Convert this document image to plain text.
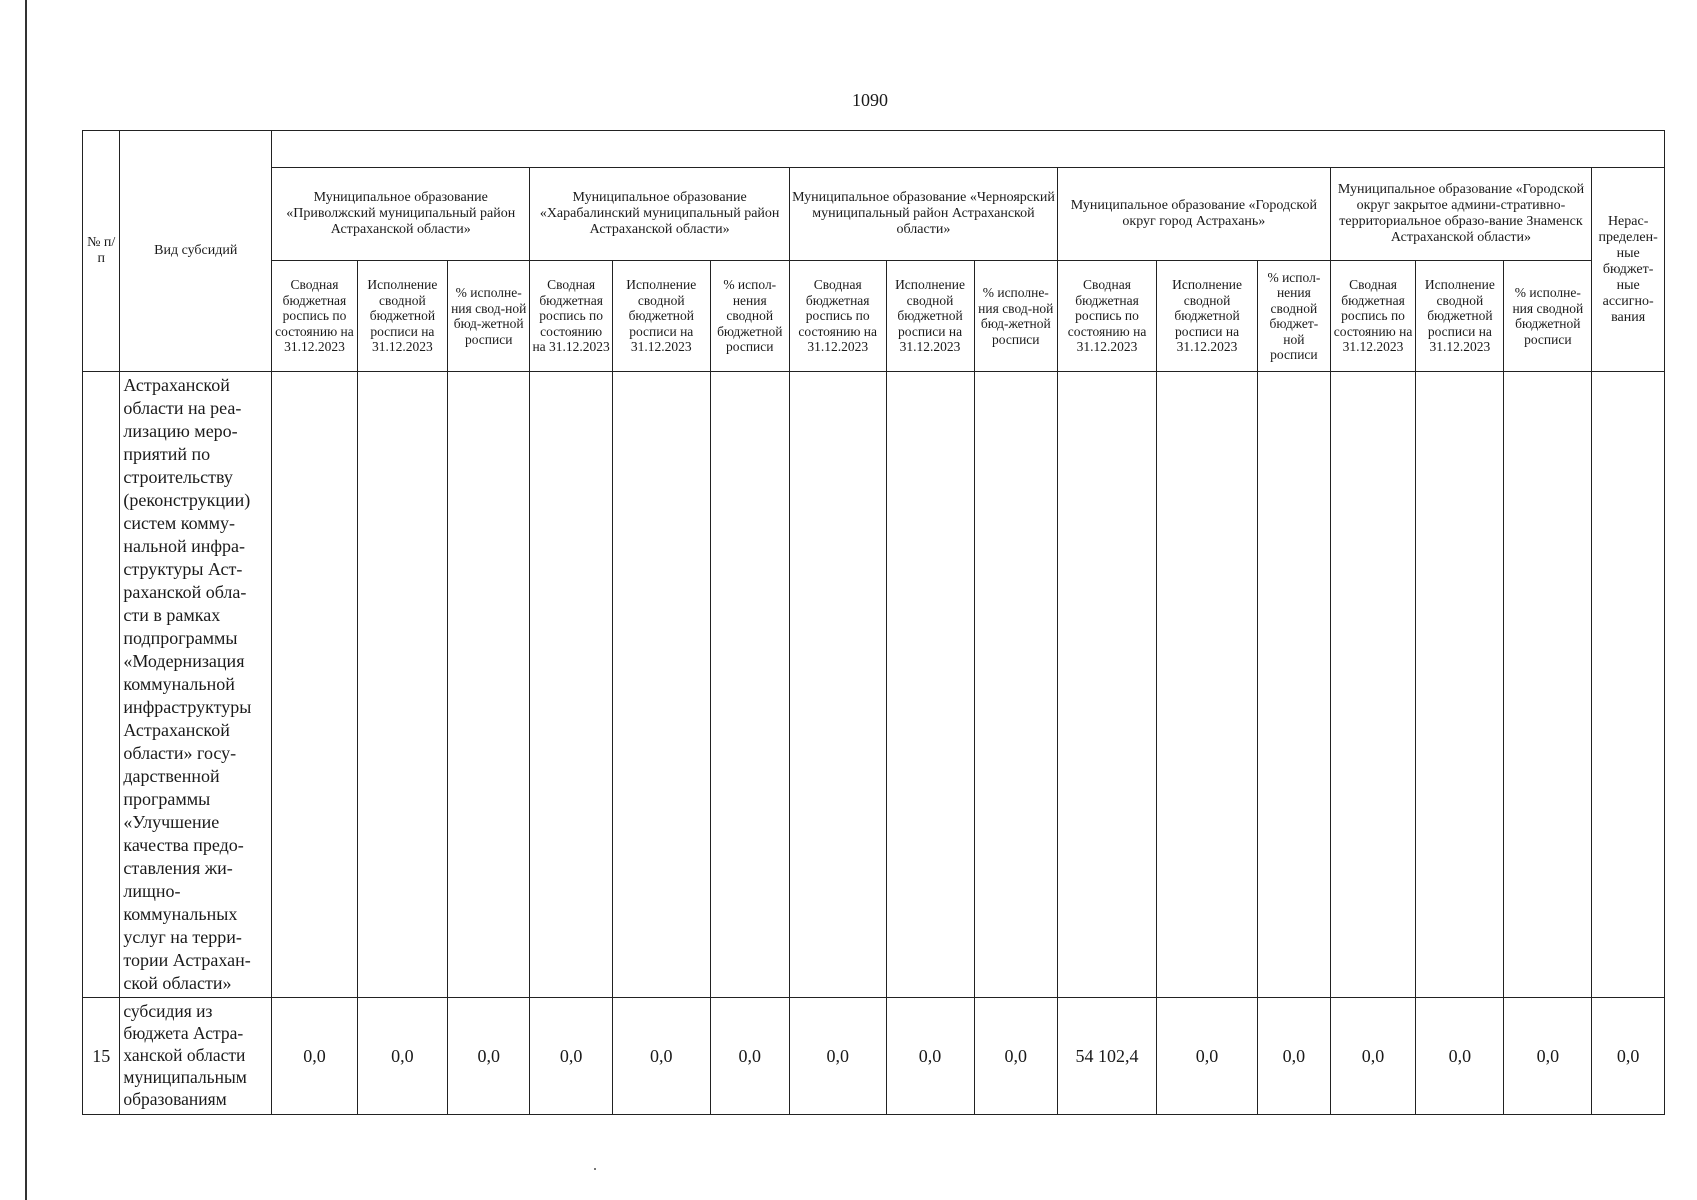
1090
№ п/п	Вид субсидий																
		Муниципальное образование «Приволжский муниципальный район Астраханской области»			Муниципальное образование «Харабалинский муниципальный район Астраханской области»			Муниципальное образование «Черноярский муниципальный район Астраханской области»			Муниципальное образование «Городской округ город Астрахань»			Муниципальное образование «Городской округ закрытое админи-стративно-территориальное образо-вание Знаменск Астраханской области»			Нерас-пределен-ные бюджет-ные ассигно-вания
		Сводная бюджетная роспись по состоянию на 31.12.2023	Исполнение сводной бюджетной росписи на 31.12.2023	% исполне-ния свод-ной бюд-жетной росписи	Сводная бюджетная роспись по состоянию на 31.12.2023	Исполнение сводной бюджетной росписи на 31.12.2023	% испол-нения сводной бюджетной росписи	Сводная бюджетная роспись по состоянию на 31.12.2023	Исполнение сводной бюджетной росписи на 31.12.2023	% исполне-ния свод-ной бюд-жетной росписи	Сводная бюджетная роспись по состоянию на 31.12.2023	Исполнение сводной бюджетной росписи на 31.12.2023	% испол-нения сводной бюджет-ной росписи	Сводная бюджетная роспись по состоянию на 31.12.2023	Исполнение сводной бюджетной росписи на 31.12.2023	% исполне-ния сводной бюджетной росписи	
	Астраханской области на реа-лизацию меро-приятий по строительству (реконструкции) систем комму-нальной инфра-структуры Аст-раханской обла-сти в рамках подпрограммы «Модернизация коммунальной инфраструктуры Астраханской области» госу-дарственной программы «Улучшение качества предо-ставления жи-лищно-коммунальных услуг на терри-тории Астрахан-ской области»																
15	субсидия из бюджета Астра-ханской области муниципальным образованиям	0,0	0,0	0,0	0,0	0,0	0,0	0,0	0,0	0,0	54 102,4	0,0	0,0	0,0	0,0	0,0	0,0
